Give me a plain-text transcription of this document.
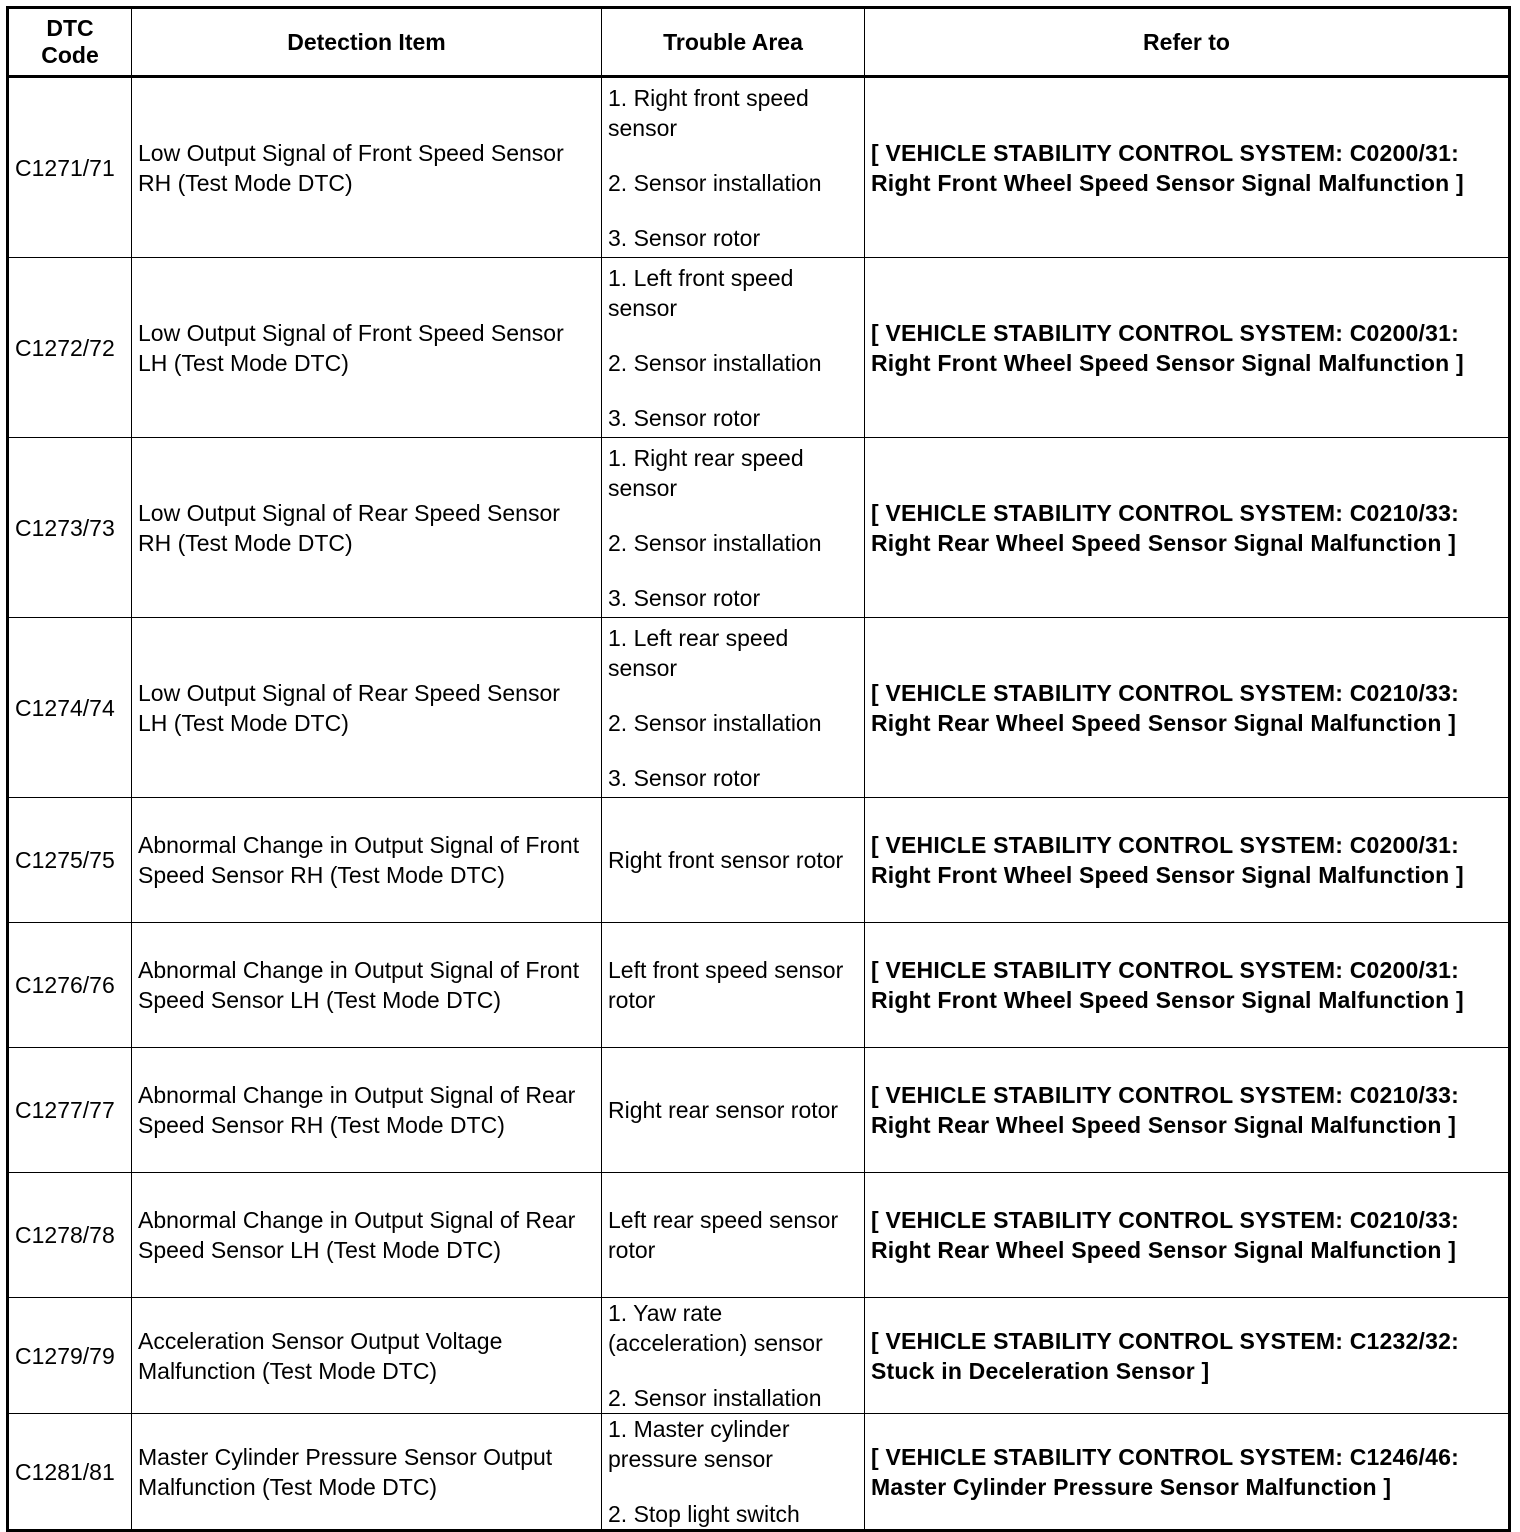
DTC
Code	Detection Item	Trouble Area	Refer to
C1271/71	Low Output Signal of Front Speed Sensor RH (Test Mode DTC)	1. Right front speed sensor

2. Sensor installation

3. Sensor rotor	[ VEHICLE STABILITY CONTROL SYSTEM: C0200/31: Right Front Wheel Speed Sensor Signal Malfunction ]
C1272/72	Low Output Signal of Front Speed Sensor LH (Test Mode DTC)	1. Left front speed sensor

2. Sensor installation

3. Sensor rotor	[ VEHICLE STABILITY CONTROL SYSTEM: C0200/31: Right Front Wheel Speed Sensor Signal Malfunction ]
C1273/73	Low Output Signal of Rear Speed Sensor RH (Test Mode DTC)	1. Right rear speed sensor

2. Sensor installation

3. Sensor rotor	[ VEHICLE STABILITY CONTROL SYSTEM: C0210/33: Right Rear Wheel Speed Sensor Signal Malfunction ]
C1274/74	Low Output Signal of Rear Speed Sensor LH (Test Mode DTC)	1. Left rear speed sensor

2. Sensor installation

3. Sensor rotor	[ VEHICLE STABILITY CONTROL SYSTEM: C0210/33: Right Rear Wheel Speed Sensor Signal Malfunction ]
C1275/75	Abnormal Change in Output Signal of Front Speed Sensor RH (Test Mode DTC)	Right front sensor rotor	[ VEHICLE STABILITY CONTROL SYSTEM: C0200/31: Right Front Wheel Speed Sensor Signal Malfunction ]
C1276/76	Abnormal Change in Output Signal of Front Speed Sensor LH (Test Mode DTC)	Left front speed sensor rotor	[ VEHICLE STABILITY CONTROL SYSTEM: C0200/31: Right Front Wheel Speed Sensor Signal Malfunction ]
C1277/77	Abnormal Change in Output Signal of Rear Speed Sensor RH (Test Mode DTC)	Right rear sensor rotor	[ VEHICLE STABILITY CONTROL SYSTEM: C0210/33: Right Rear Wheel Speed Sensor Signal Malfunction ]
C1278/78	Abnormal Change in Output Signal of Rear Speed Sensor LH (Test Mode DTC)	Left rear speed sensor rotor	[ VEHICLE STABILITY CONTROL SYSTEM: C0210/33: Right Rear Wheel Speed Sensor Signal Malfunction ]
C1279/79	Acceleration Sensor Output Voltage Malfunction (Test Mode DTC)	1. Yaw rate (acceleration) sensor

2. Sensor installation	[ VEHICLE STABILITY CONTROL SYSTEM: C1232/32: Stuck in Deceleration Sensor ]
C1281/81	Master Cylinder Pressure Sensor Output Malfunction (Test Mode DTC)	1. Master cylinder pressure sensor

2. Stop light switch	[ VEHICLE STABILITY CONTROL SYSTEM: C1246/46: Master Cylinder Pressure Sensor Malfunction ]
